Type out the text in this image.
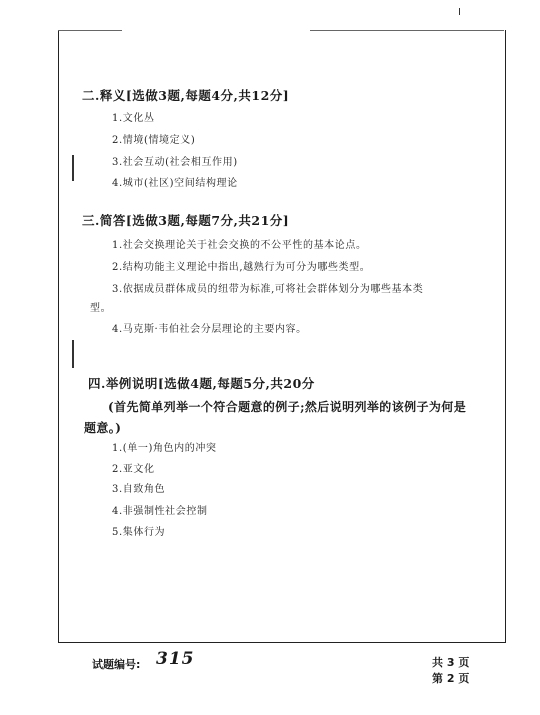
二.释义[选做3题,每题4分,共12分]
1.文化丛
2.情境(情境定义)
3.社会互动(社会相互作用)
4.城市(社区)空间结构理论
三.简答[选做3题,每题7分,共21分]
1.社会交换理论关于社会交换的不公平性的基本论点。
2.结构功能主义理论中指出,越熟行为可分为哪些类型。
3.依据成员群体成员的纽带为标准,可将社会群体划分为哪些基本类
型。
4.马克斯·韦伯社会分层理论的主要内容。
四.举例说明[选做4题,每题5分,共20分
(首先简单列举一个符合题意的例子;然后说明列举的该例子为何是
题意。)
1.(单一)角色内的冲突
2.亚文化
3.自致角色
4.非强制性社会控制
5.集体行为
试题编号: 315	共 3 页
第 2 页
